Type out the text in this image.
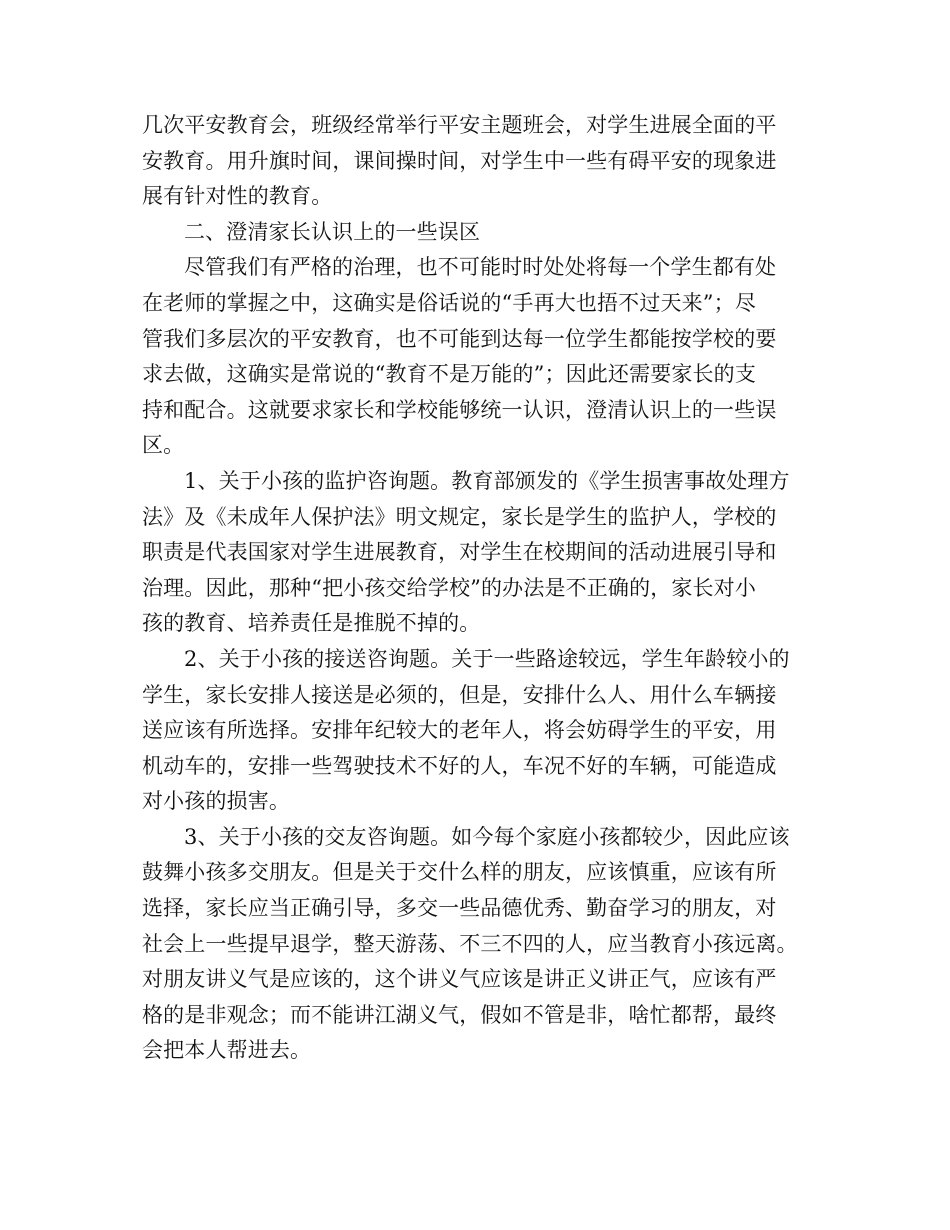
几次平安教育会，班级经常举行平安主题班会，对学生进展全面的平
安教育。用升旗时间，课间操时间，对学生中一些有碍平安的现象进
展有针对性的教育。
二、澄清家长认识上的一些误区
尽管我们有严格的治理，也不可能时时处处将每一个学生都有处
在老师的掌握之中，这确实是俗话说的“手再大也捂不过天来”；尽
管我们多层次的平安教育，也不可能到达每一位学生都能按学校的要
求去做，这确实是常说的“教育不是万能的”；因此还需要家长的支
持和配合。这就要求家长和学校能够统一认识，澄清认识上的一些误
区。
1、关于小孩的监护咨询题。教育部颁发的《学生损害事故处理方
法》及《未成年人保护法》明文规定，家长是学生的监护人，学校的
职责是代表国家对学生进展教育，对学生在校期间的活动进展引导和
治理。因此，那种“把小孩交给学校”的办法是不正确的，家长对小
孩的教育、培养责任是推脱不掉的。
2、关于小孩的接送咨询题。关于一些路途较远，学生年龄较小的
学生，家长安排人接送是必须的，但是，安排什么人、用什么车辆接
送应该有所选择。安排年纪较大的老年人，将会妨碍学生的平安，用
机动车的，安排一些驾驶技术不好的人，车况不好的车辆，可能造成
对小孩的损害。
3、关于小孩的交友咨询题。如今每个家庭小孩都较少，因此应该
鼓舞小孩多交朋友。但是关于交什么样的朋友，应该慎重，应该有所
选择，家长应当正确引导，多交一些品德优秀、勤奋学习的朋友，对
社会上一些提早退学，整天游荡、不三不四的人，应当教育小孩远离。
对朋友讲义气是应该的，这个讲义气应该是讲正义讲正气，应该有严
格的是非观念；而不能讲江湖义气，假如不管是非，啥忙都帮，最终
会把本人帮进去。
